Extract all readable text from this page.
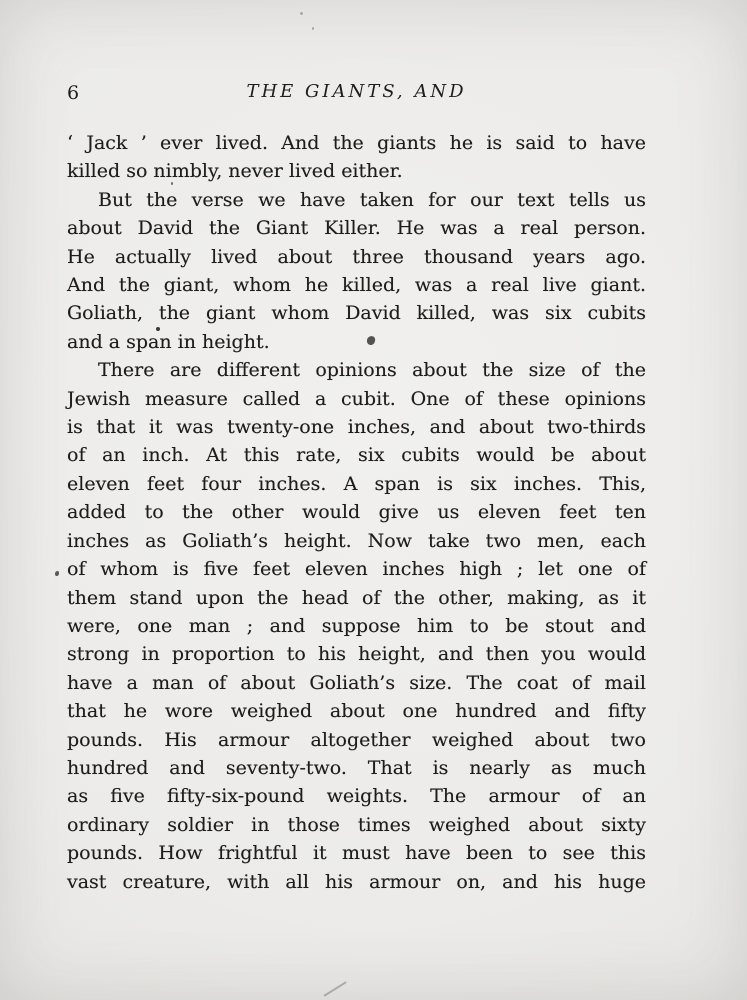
6	THE GIANTS, AND
‘ Jack ’ ever lived. And the giants he is said to have
killed so nimbly, never lived either.
But the verse we have taken for our text tells us
about David the Giant Killer. He was a real person.
He actually lived about three thousand years ago.
And the giant, whom he killed, was a real live giant.
Goliath, the giant whom David killed, was six cubits
and a span in height.
There are different opinions about the size of the
Jewish measure called a cubit. One of these opinions
is that it was twenty-one inches, and about two-thirds
of an inch. At this rate, six cubits would be about
eleven feet four inches. A span is six inches. This,
added to the other would give us eleven feet ten
inches as Goliath’s height. Now take two men, each
of whom is five feet eleven inches high ; let one of
them stand upon the head of the other, making, as it
were, one man ; and suppose him to be stout and
strong in proportion to his height, and then you would
have a man of about Goliath’s size. The coat of mail
that he wore weighed about one hundred and fifty
pounds. His armour altogether weighed about two
hundred and seventy-two. That is nearly as much
as five fifty-six-pound weights. The armour of an
ordinary soldier in those times weighed about sixty
pounds. How frightful it must have been to see this
vast creature, with all his armour on, and his huge
